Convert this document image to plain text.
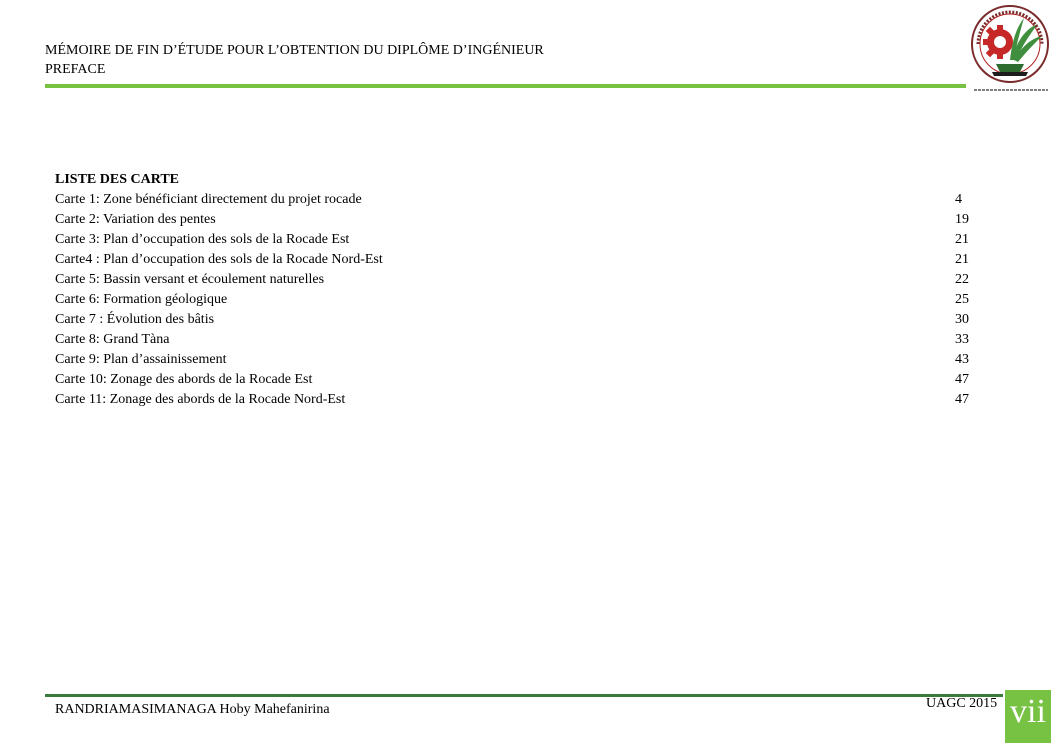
MÉMOIRE DE FIN D’ÉTUDE POUR L’OBTENTION DU DIPLÔME D’INGÉNIEUR
PREFACE
LISTE DES CARTE
Carte 1: Zone bénéficiant directement du projet rocade	4
Carte 2: Variation des pentes	19
Carte 3: Plan d’occupation des sols de la Rocade Est	21
Carte4 : Plan d’occupation des sols de la Rocade Nord-Est	21
Carte 5: Bassin versant et écoulement naturelles	22
Carte 6: Formation géologique	25
Carte 7 : Évolution des bâtis	30
Carte 8: Grand Tàna	33
Carte 9: Plan d’assainissement	43
Carte 10: Zonage des abords de la Rocade Est	47
Carte 11: Zonage des abords de la Rocade Nord-Est	47
RANDRIAMASIMANAGA Hoby Mahefanirina	UAGC 2015 vii
